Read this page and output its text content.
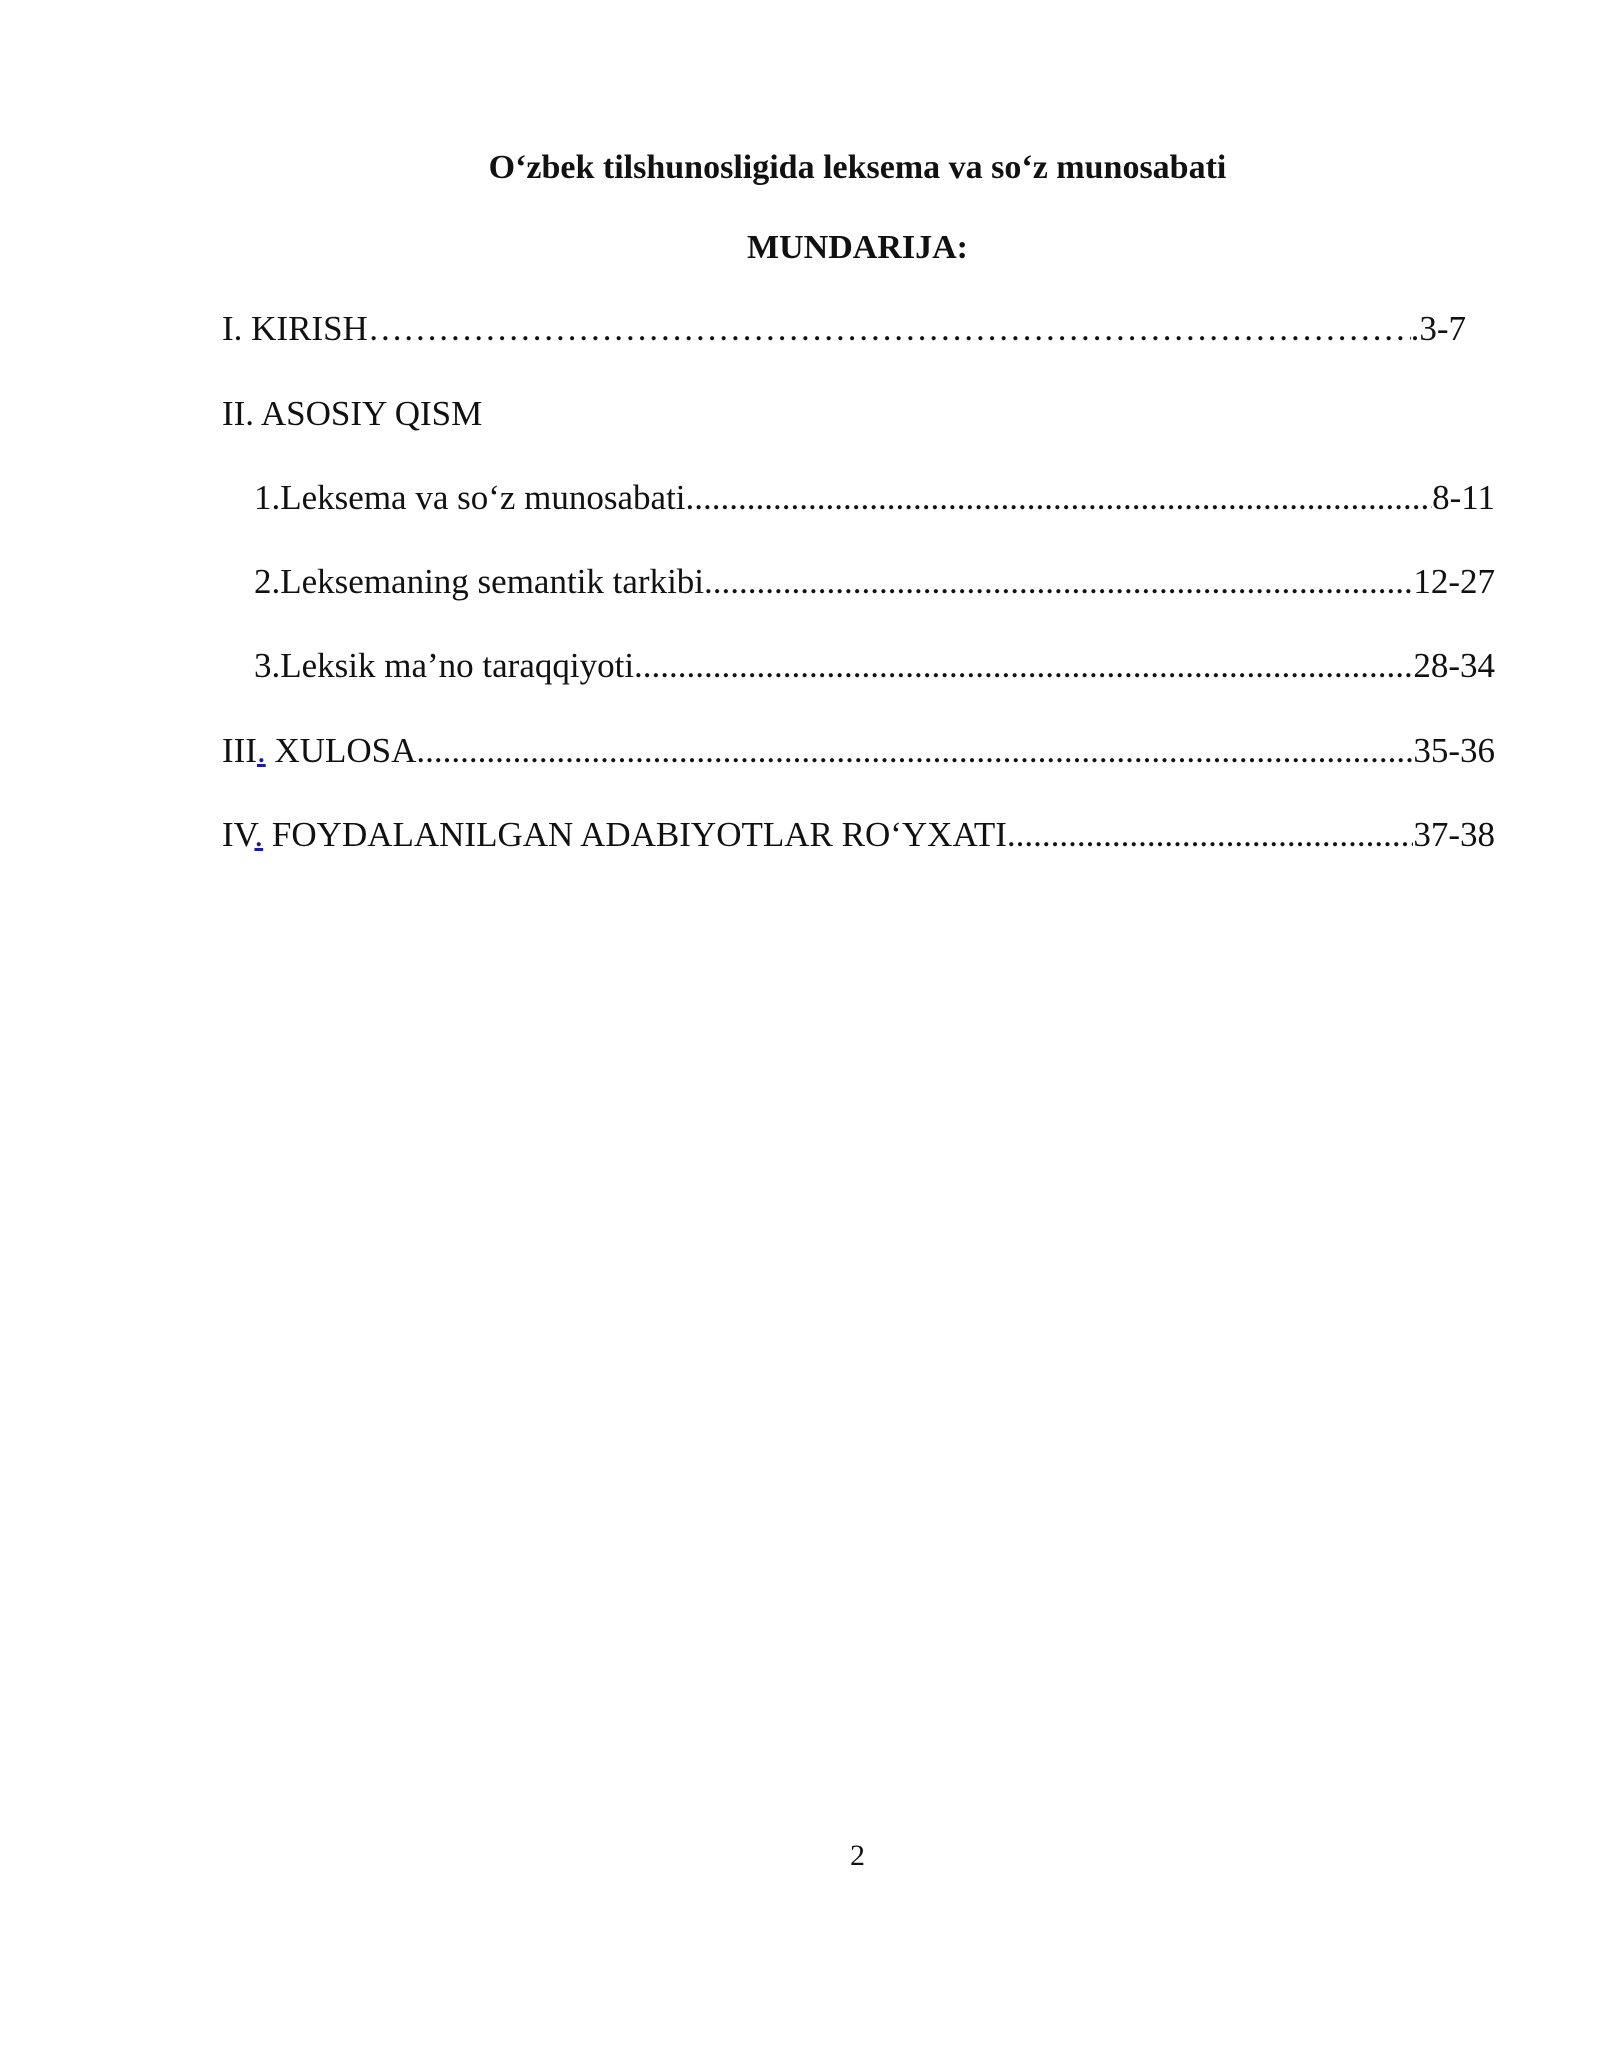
O‘zbek tilshunosligida leksema va so‘z munosabati
MUNDARIJA:
I. KIRISH ……………………………………………………………………………………………………………………………………………………………………………………………………………………………………	.3-7
II. ASOSIY QISM
1.Leksema va so‘z munosabati. .....	8-11
2.Leksemaning semantik tarkibi. .....	12-27
3.Leksik ma’no taraqqiyoti. .....	28-34
III. XULOSA .....	35-36
IV. FOYDALANILGAN ADABIYOTLAR RO‘YXATI .....	37-38
2
